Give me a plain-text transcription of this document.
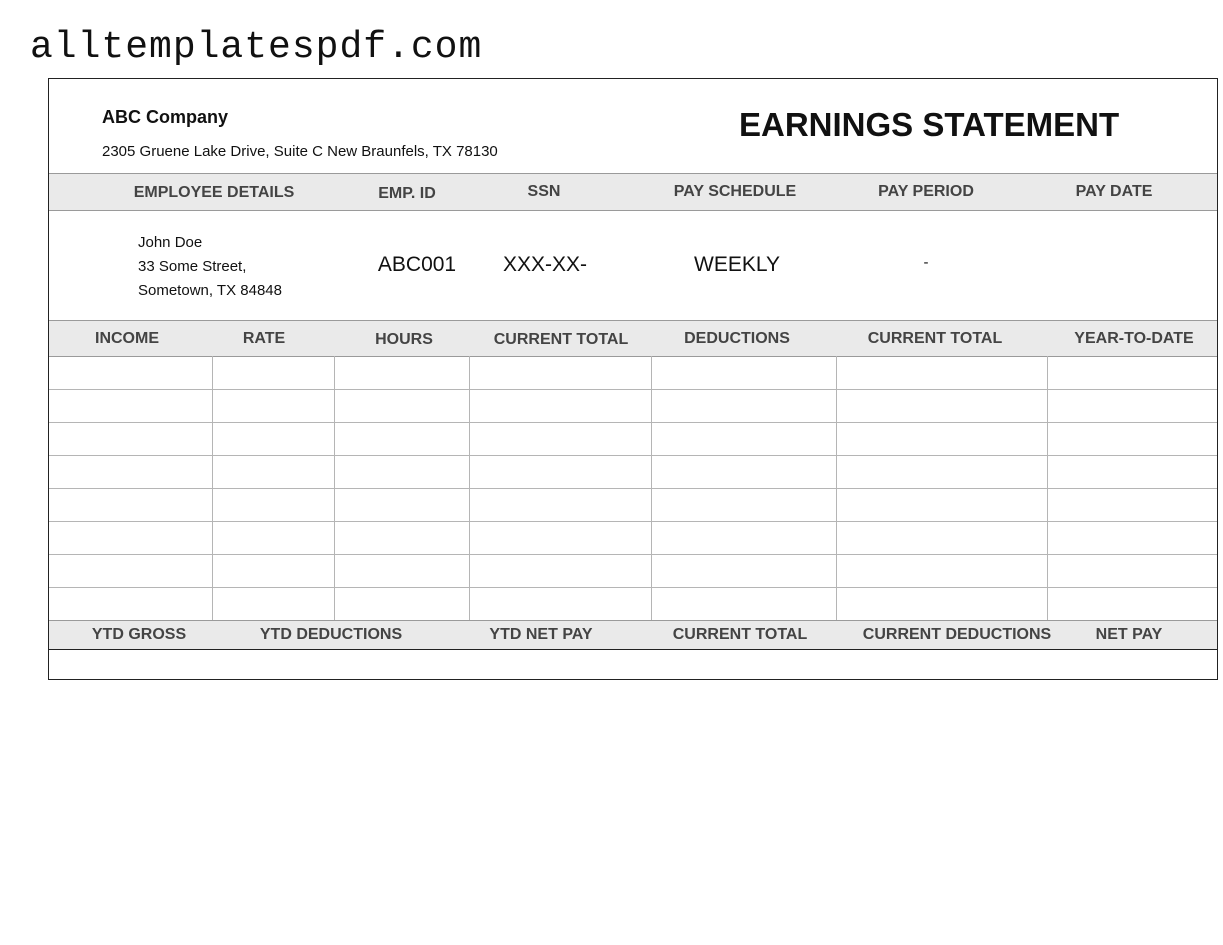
alltemplatespdf.com
ABC Company
2305 Gruene Lake Drive, Suite C New Braunfels, TX 78130
EARNINGS STATEMENT
EMPLOYEE DETAILS	EMP. ID	SSN	PAY SCHEDULE	PAY PERIOD	PAY DATE
John Doe
33 Some Street,
Sometown, TX 84848
ABC001 XXX-XX-	WEEKLY	-
INCOME	RATE	HOURS	CURRENT TOTAL	DEDUCTIONS	CURRENT TOTAL	YEAR-TO-DATE
YTD GROSS	YTD DEDUCTIONS	YTD NET PAY	CURRENT TOTAL	CURRENT DEDUCTIONS	NET PAY
